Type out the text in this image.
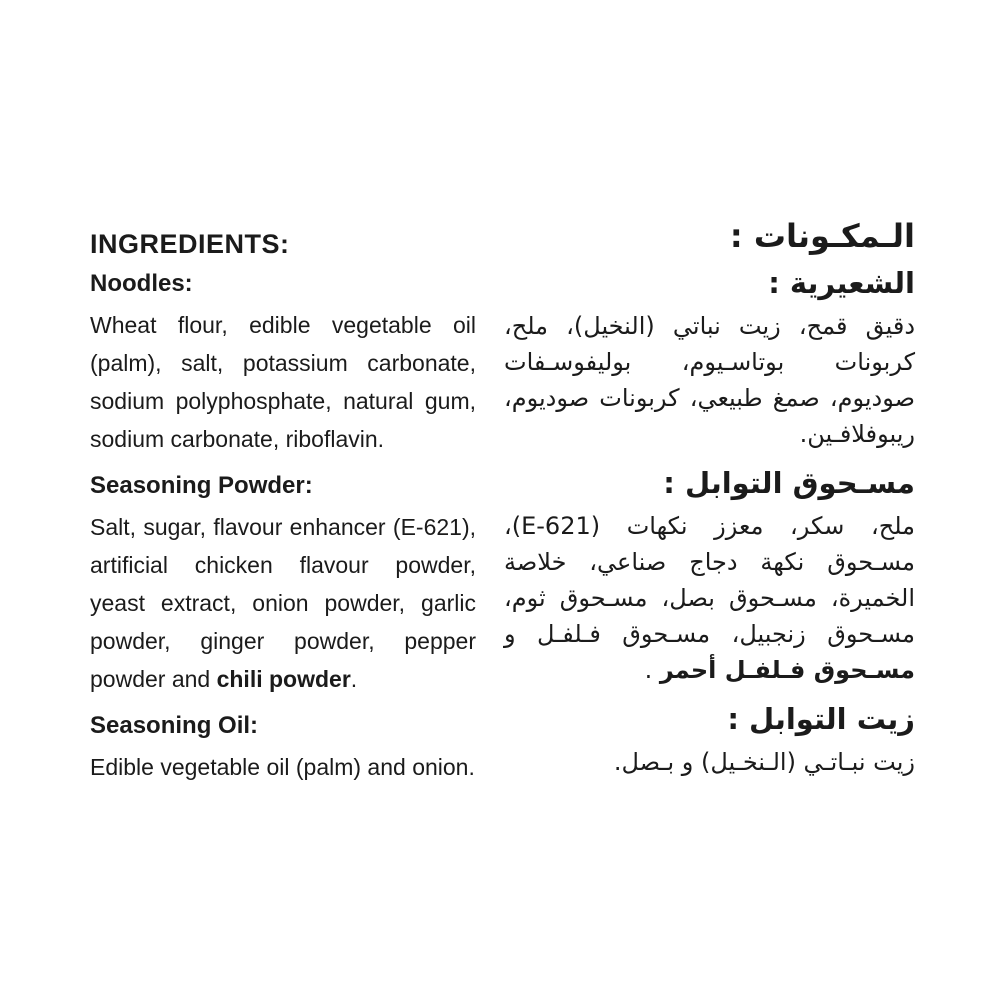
INGREDIENTS:
Noodles:

Wheat flour, edible vegetable oil (palm), salt, potassium carbonate, sodium polyphosphate, natural gum, sodium carbonate, riboflavin.

Seasoning Powder:

Salt, sugar, flavour enhancer (E-621), artificial chicken flavour powder, yeast extract, onion powder, garlic powder, ginger powder, pepper powder and chili powder.

Seasoning Oil:

Edible vegetable oil (palm) and onion.

الـمكـونات :
الشعيرية :

دقيق قمح، زيت نباتي (النخيل)، ملح، كربونات بوتاسـيوم، بوليفوسـفات صوديوم، صمغ طبيعي، كربونات صوديوم، ريبوفلافـين.

مسـحوق التوابل :

ملح، سكر، معزز نكهات (E-621)، مسـحوق نكهة دجاج صناعي، خلاصة الخميرة، مسـحوق بصل، مسـحوق ثوم، مسـحوق زنجبيل، مسـحوق فـلفـل و مسـحوق فـلفـل أحمر .

زيت التوابل :

زيت نبـاتـي (الـنخـيل) و بـصل.
